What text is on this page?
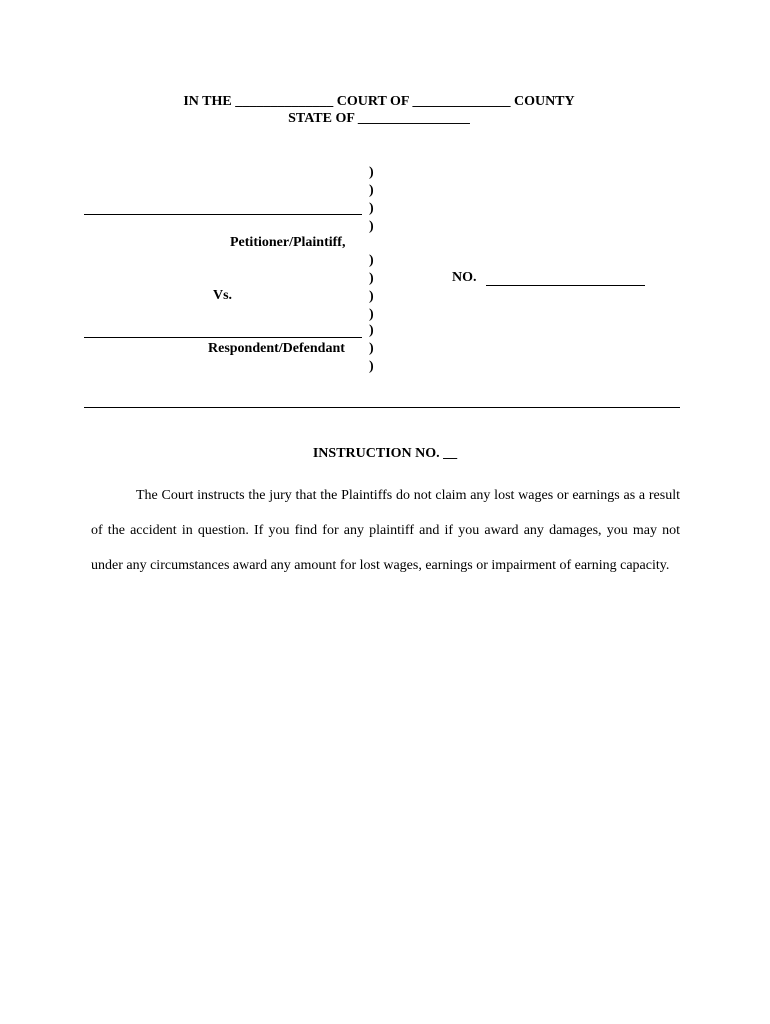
IN THE ______________ COURT OF ______________ COUNTY
STATE OF ________________
)
)
)
)
)
)
)
)
)
)
)
Petitioner/Plaintiff,
Vs.
Respondent/Defendant
NO.
INSTRUCTION NO. __
The Court instructs the jury that the Plaintiffs do not claim any lost wages or earnings as a result of the accident in question. If you find for any plaintiff and if you award any damages, you may not under any circumstances award any amount for lost wages, earnings or impairment of earning capacity.
